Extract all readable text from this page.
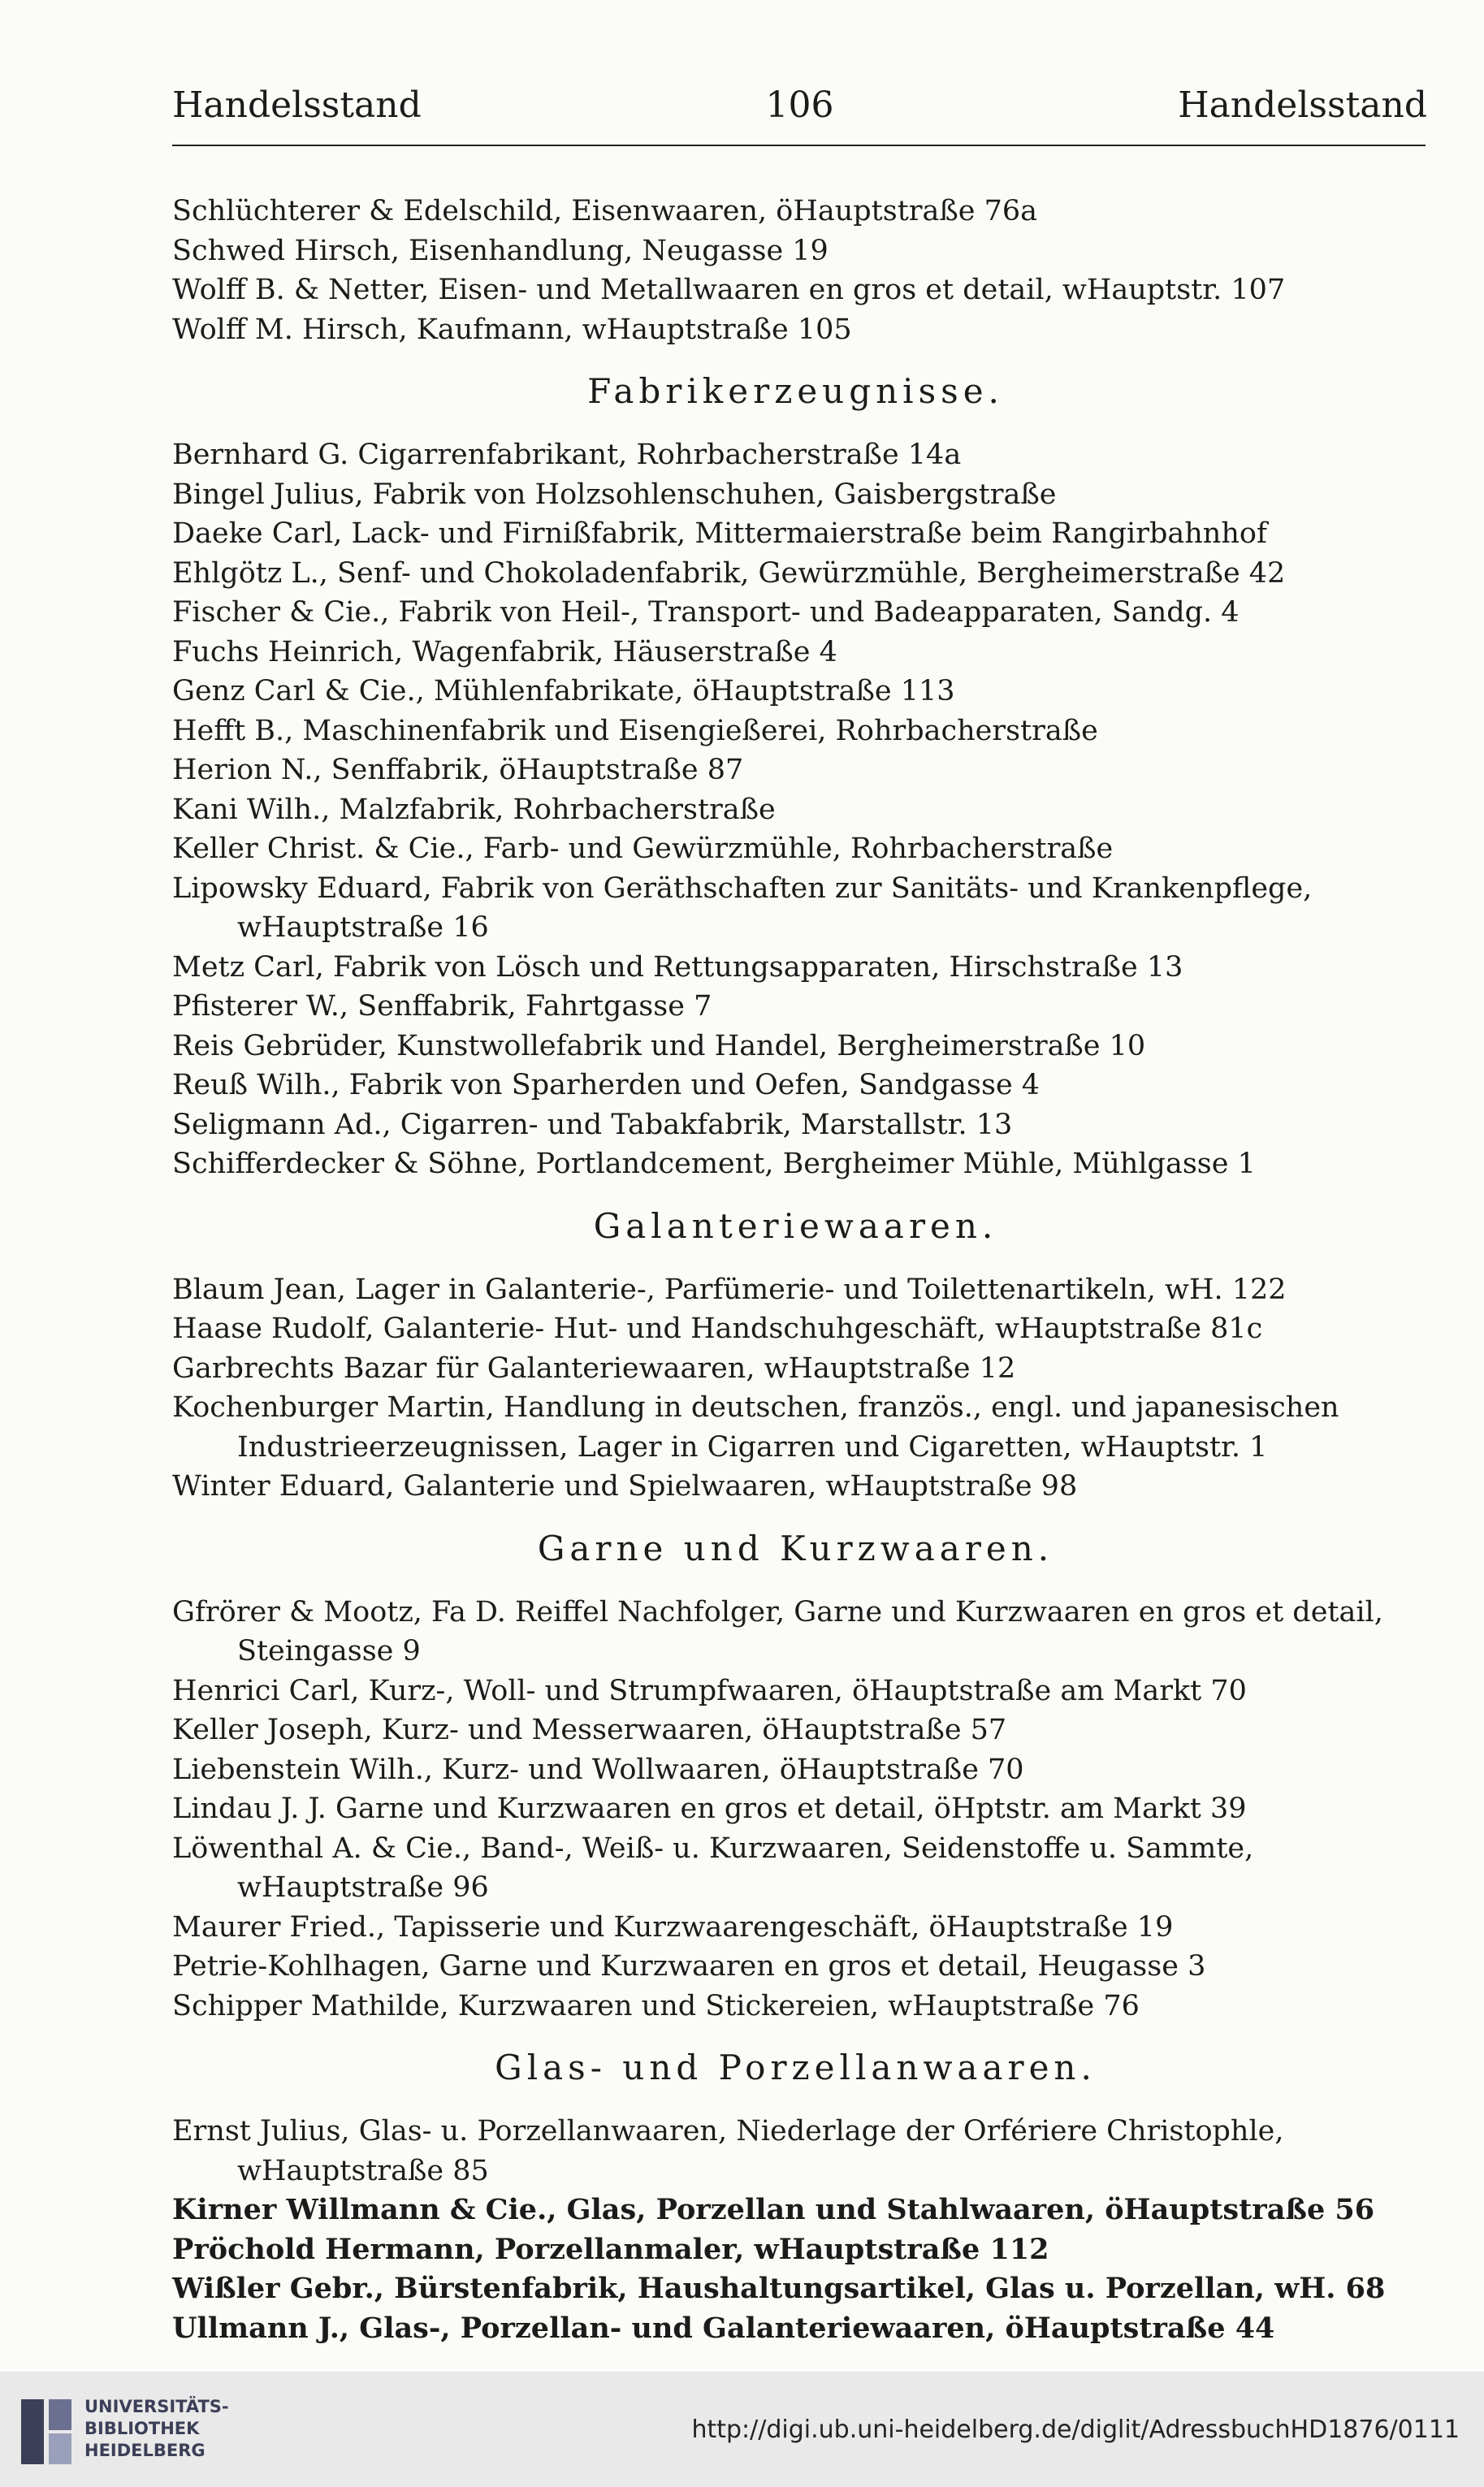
Handelsstand	106	Handelsstand

Schlüchterer & Edelschild, Eisenwaaren, öHauptstraße 76a

Schwed Hirsch, Eisenhandlung, Neugasse 19

Wolff B. & Netter, Eisen- und Metallwaaren en gros et detail, wHauptstr. 107

Wolff M. Hirsch, Kaufmann, wHauptstraße 105

Fabrikerzeugnisse.

Bernhard G. Cigarrenfabrikant, Rohrbacherstraße 14a

Bingel Julius, Fabrik von Holzsohlenschuhen, Gaisbergstraße

Daeke Carl, Lack- und Firnißfabrik, Mittermaierstraße beim Rangirbahnhof

Ehlgötz L., Senf- und Chokoladenfabrik, Gewürzmühle, Bergheimerstraße 42

Fischer & Cie., Fabrik von Heil-, Transport- und Badeapparaten, Sandg. 4

Fuchs Heinrich, Wagenfabrik, Häuserstraße 4

Genz Carl & Cie., Mühlenfabrikate, öHauptstraße 113

Hefft B., Maschinenfabrik und Eisengießerei, Rohrbacherstraße

Herion N., Senffabrik, öHauptstraße 87

Kani Wilh., Malzfabrik, Rohrbacherstraße

Keller Christ. & Cie., Farb- und Gewürzmühle, Rohrbacherstraße

Lipowsky Eduard, Fabrik von Geräthschaften zur Sanitäts- und Krankenpflege, wHauptstraße 16

Metz Carl, Fabrik von Lösch und Rettungsapparaten, Hirschstraße 13

Pfisterer W., Senffabrik, Fahrtgasse 7

Reis Gebrüder, Kunstwollefabrik und Handel, Bergheimerstraße 10

Reuß Wilh., Fabrik von Sparherden und Oefen, Sandgasse 4

Seligmann Ad., Cigarren- und Tabakfabrik, Marstallstr. 13

Schifferdecker & Söhne, Portlandcement, Bergheimer Mühle, Mühlgasse 1

Galanteriewaaren.

Blaum Jean, Lager in Galanterie-, Parfümerie- und Toilettenartikeln, wH. 122

Haase Rudolf, Galanterie- Hut- und Handschuhgeschäft, wHauptstraße 81c

Garbrechts Bazar für Galanteriewaaren, wHauptstraße 12

Kochenburger Martin, Handlung in deutschen, französ., engl. und japanesischen Industrieerzeugnissen, Lager in Cigarren und Cigaretten, wHauptstr. 1

Winter Eduard, Galanterie und Spielwaaren, wHauptstraße 98

Garne und Kurzwaaren.

Gfrörer & Mootz, Fa D. Reiffel Nachfolger, Garne und Kurzwaaren en gros et detail, Steingasse 9

Henrici Carl, Kurz-, Woll- und Strumpfwaaren, öHauptstraße am Markt 70

Keller Joseph, Kurz- und Messerwaaren, öHauptstraße 57

Liebenstein Wilh., Kurz- und Wollwaaren, öHauptstraße 70

Lindau J. J. Garne und Kurzwaaren en gros et detail, öHptstr. am Markt 39

Löwenthal A. & Cie., Band-, Weiß- u. Kurzwaaren, Seidenstoffe u. Sammte, wHauptstraße 96

Maurer Fried., Tapisserie und Kurzwaarengeschäft, öHauptstraße 19

Petrie-Kohlhagen, Garne und Kurzwaaren en gros et detail, Heugasse 3

Schipper Mathilde, Kurzwaaren und Stickereien, wHauptstraße 76

Glas- und Porzellanwaaren.

Ernst Julius, Glas- u. Porzellanwaaren, Niederlage der Orfériere Christophle, wHauptstraße 85

Kirner Willmann & Cie., Glas, Porzellan und Stahlwaaren, öHauptstraße 56

Pröchold Hermann, Porzellanmaler, wHauptstraße 112

Wißler Gebr., Bürstenfabrik, Haushaltungsartikel, Glas u. Porzellan, wH. 68

Ullmann J., Glas-, Porzellan- und Galanteriewaaren, öHauptstraße 44

UNIVERSITÄTS-
BIBLIOTHEK
HEIDELBERG
http://digi.ub.uni-heidelberg.de/diglit/AdressbuchHD1876/0111
